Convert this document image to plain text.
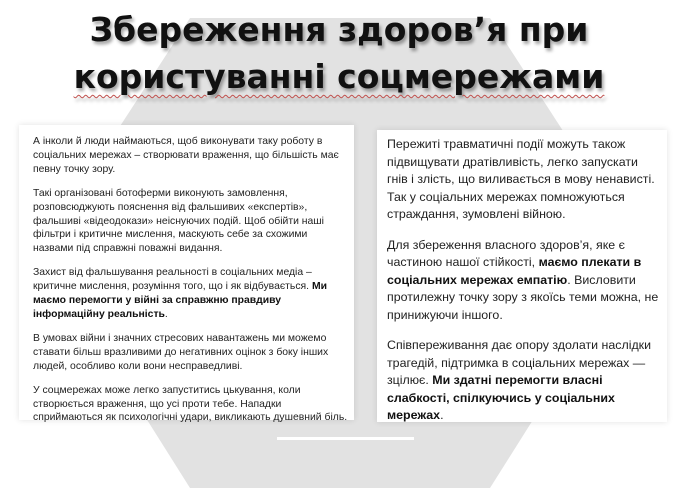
Збереження здоров’я при
користуванні соцмережами

А інколи й люди наймаються, щоб виконувати таку роботу в соціальних мережах – створювати враження, що більшість має певну точку зору.

Такі організовані ботоферми виконують замовлення, розповсюджують пояснення від фальшивих «експертів», фальшиві «відеодокази» неіснуючих подій. Щоб обійти наші фільтри і критичне мислення, маскують себе за схожими назвами під справжні поважні видання.

Захист від фальшування реальності в соціальних медіа – критичне мислення, розуміння того, що і як відбувається. Ми маємо перемогти у війні за справжню правдиву інформаційну реальність.

В умовах війни і значних стресових навантажень ми можемо ставати більш вразливими до негативних оцінок з боку інших людей, особливо коли вони несправедливі.

У соцмережах може легко запуститись цькування, коли створюється враження, що усі проти тебе. Нападки сприймаються як психологічні удари, викликають душевний біль.

Пережиті травматичні події можуть також підвищувати дратівливість, легко запускати гнів і злість, що виливається в мову ненависті. Так у соціальних мережах помножуються страждання, зумовлені війною.

Для збереження власного здоров’я, яке є частиною нашої стійкості, маємо плекати в соціальних мережах емпатію. Висловити протилежну точку зору з якоїсь теми можна, не принижуючи іншого.

Співпереживання дає опору здолати наслідки трагедій, підтримка в соціальних мережах — зцілює. Ми здатні перемогти власні слабкості, спілкуючись у соціальних мережах.
